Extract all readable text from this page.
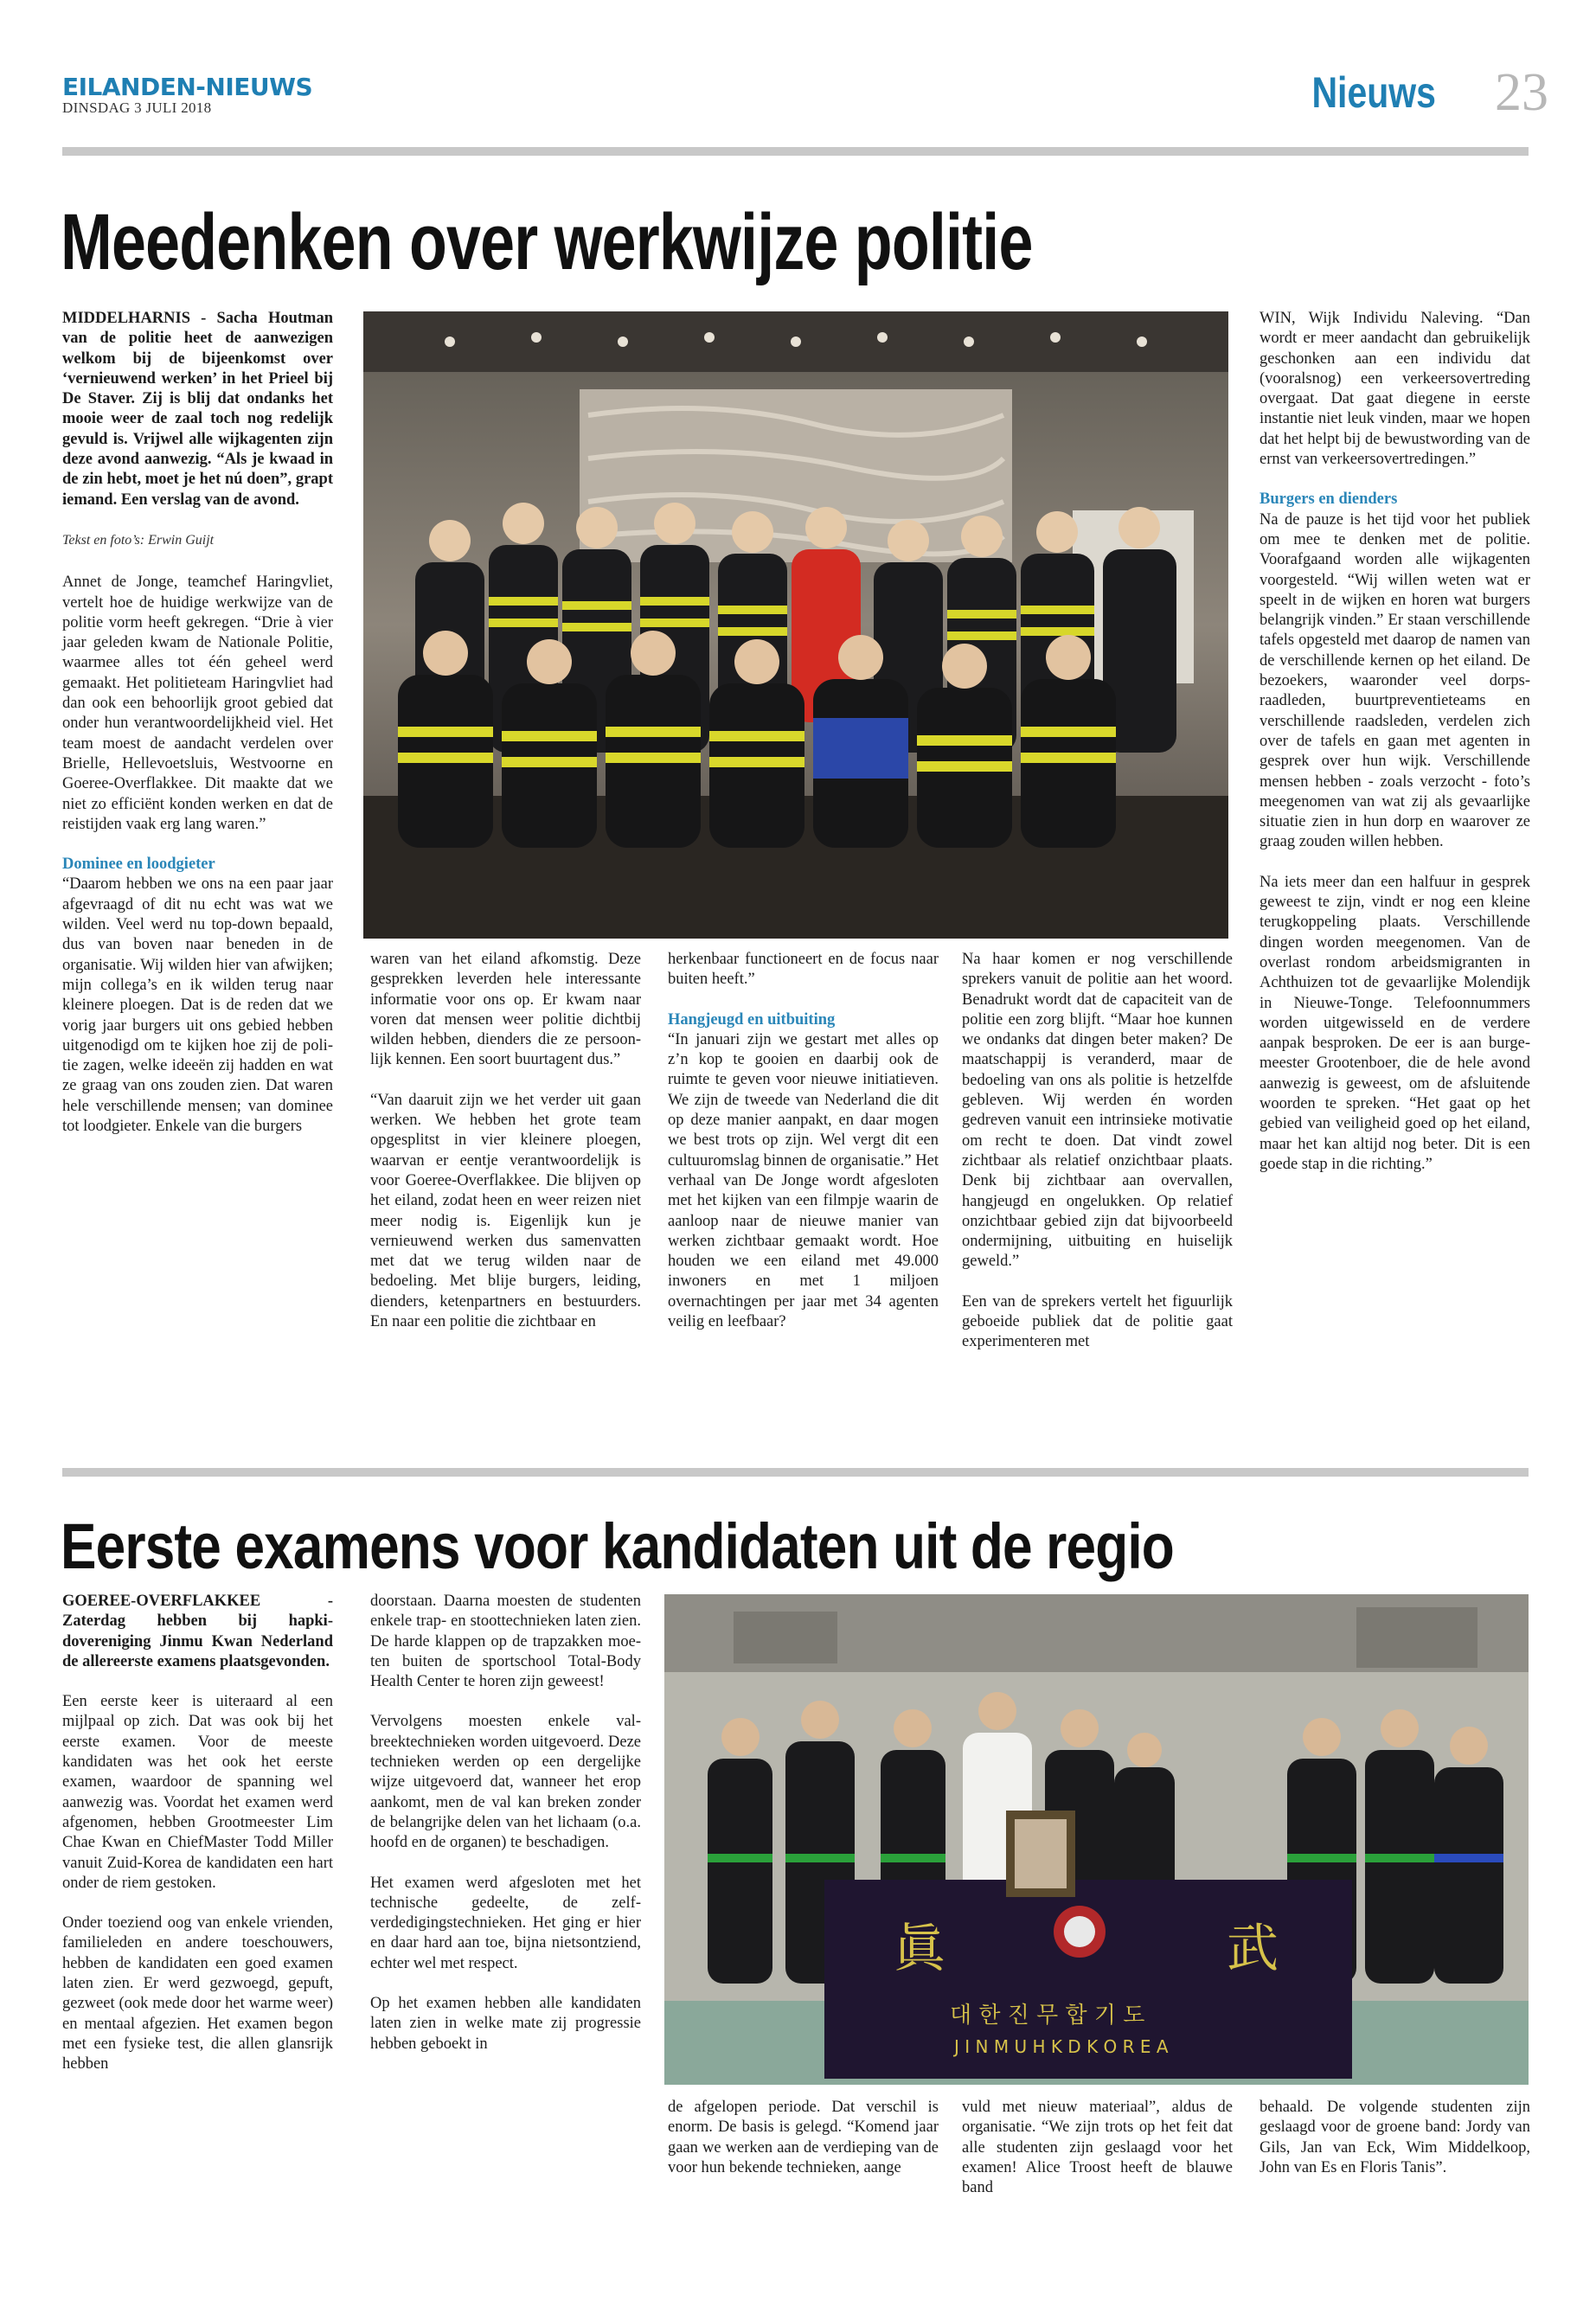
EILANDEN-NIEUWS
DINSDAG 3 JULI 2018	Nieuws	23
Meedenken over werkwijze politie

MIDDELHARNIS - Sacha Houtman van de politie heet de aanwezigen welkom bij de bijeenkomst over ‘vernieuwend werken’ in het Prieel bij De Staver. Zij is blij dat ondanks het mooie weer de zaal toch nog redelijk gevuld is. Vrijwel alle wijkagenten zijn deze avond aanwezig. “Als je kwaad in de zin hebt, moet je het nú doen”, grapt iemand. Een verslag van de avond.

Tekst en foto’s: Erwin Guijt

Annet de Jonge, teamchef Haringvliet, vertelt hoe de huidige werkwijze van de politie vorm heeft gekregen. “Drie à vier jaar geleden kwam de Nationale Politie, waarmee alles tot één geheel werd gemaakt. Het politieteam Haringvliet had dan ook een behoorlijk groot gebied dat onder hun verantwoordelijkheid viel. Het team moest de aandacht verdelen over Brielle, Hellevoetsluis, Westvoorne en Goeree-Overflakkee. Dit maakte dat we niet zo efficiënt konden werken en dat de reistijden vaak erg lang waren.”

Dominee en loodgieter

“Daarom hebben we ons na een paar jaar afgevraagd of dit nu echt was wat we wilden. Veel werd nu top-down bepaald, dus van boven naar beneden in de organisatie. Wij wilden hier van afwijken; mijn collega’s en ik wilden terug naar kleinere ploegen. Dat is de reden dat we vorig jaar burgers uit ons gebied hebben uitgenodigd om te kijken hoe zij de politie zagen, welke ideeën zij hadden en wat ze graag van ons zouden zien. Dat waren hele verschillende mensen; van dominee tot loodgieter. Enkele van die burgers

waren van het eiland afkomstig. Deze gesprekken leverden hele interessante informatie voor ons op. Er kwam naar voren dat mensen weer politie dichtbij wilden hebben, dienders die ze persoonlijk kennen. Een soort buurtagent dus.”

“Van daaruit zijn we het verder uit gaan werken. We hebben het grote team opgesplitst in vier kleinere ploegen, waarvan er eentje verantwoordelijk is voor Goeree-Overflakkee. Die blijven op het eiland, zodat heen en weer reizen niet meer nodig is. Eigenlijk kun je vernieuwend werken dus samenvatten met dat we terug wilden naar de bedoeling. Met blije burgers, leiding, dienders, ketenpartners en bestuurders. En naar een politie die zichtbaar en

herkenbaar functioneert en de focus naar buiten heeft.”

Hangjeugd en uitbuiting

“In januari zijn we gestart met alles op z’n kop te gooien en daarbij ook de ruimte te geven voor nieuwe initiatieven. We zijn de tweede van Nederland die dit op deze manier aanpakt, en daar mogen we best trots op zijn. Wel vergt dit een cultuuromslag binnen de organisatie.” Het verhaal van De Jonge wordt afgesloten met het kijken van een filmpje waarin de aanloop naar de nieuwe manier van werken zichtbaar gemaakt wordt. Hoe houden we een eiland met 49.000 inwoners en met 1 miljoen overnachtingen per jaar met 34 agenten veilig en leefbaar?

Na haar komen er nog verschillende sprekers vanuit de politie aan het woord. Benadrukt wordt dat de capaciteit van de politie een zorg blijft. “Maar hoe kunnen we ondanks dat dingen beter maken? De maatschappij is veranderd, maar de bedoeling van ons als politie is hetzelfde gebleven. Wij werden én worden gedreven vanuit een intrinsieke motivatie om recht te doen. Dat vindt zowel zichtbaar als relatief onzichtbaar plaats. Denk bij zichtbaar aan overvallen, hangjeugd en ongelukken. Op relatief onzichtbaar gebied zijn dat bijvoorbeeld ondermijning, uitbuiting en huiselijk geweld.”

Een van de sprekers vertelt het figuurlijk geboeide publiek dat de politie gaat experimenteren met

WIN, Wijk Individu Naleving. “Dan wordt er meer aandacht dan gebruikelijk geschonken aan een individu dat (vooralsnog) een verkeersovertreding overgaat. Dat gaat diegene in eerste instantie niet leuk vinden, maar we hopen dat het helpt bij de bewustwording van de ernst van verkeersovertredingen.”

Burgers en dienders

Na de pauze is het tijd voor het publiek om mee te denken met de politie. Voorafgaand worden alle wijkagenten voorgesteld. “Wij willen weten wat er speelt in de wijken en horen wat burgers belangrijk vinden.” Er staan verschillende tafels opgesteld met daarop de namen van de verschillende kernen op het eiland. De bezoekers, waaronder veel dorpsraadleden, buurtpreventieteams en verschillende raadsleden, verdelen zich over de tafels en gaan met agenten in gesprek over hun wijk. Verschillende mensen hebben - zoals verzocht - foto’s meegenomen van wat zij als gevaarlijke situatie zien in hun dorp en waarover ze graag zouden willen hebben.

Na iets meer dan een halfuur in gesprek geweest te zijn, vindt er nog een kleine terugkoppeling plaats. Verschillende dingen worden meegenomen. Van de overlast rondom arbeidsmigranten in Achthuizen tot de gevaarlijke Molendijk in Nieuwe-Tonge. Telefoonnummers worden uitgewisseld en de verdere aanpak besproken. De eer is aan burgemeester Grootenboer, die de hele avond aanwezig is geweest, om de afsluitende woorden te spreken. “Het gaat op het gebied van veiligheid goed op het eiland, maar het kan altijd nog beter. Dit is een goede stap in die richting.”

Eerste examens voor kandidaten uit de regio

GOEREE-OVERFLAKKEE - Zaterdag hebben bij hapkidovereniging Jinmu Kwan Nederland de allereerste examens plaatsgevonden.

Een eerste keer is uiteraard al een mijlpaal op zich. Dat was ook bij het eerste examen. Voor de meeste kandidaten was het ook het eerste examen, waardoor de spanning wel aanwezig was. Voordat het examen werd afgenomen, hebben Grootmeester Lim Chae Kwan en ChiefMaster Todd Miller vanuit Zuid-Korea de kandidaten een hart onder de riem gestoken.

Onder toeziend oog van enkele vrienden, familieleden en andere toeschouwers, hebben de kandidaten een goed examen laten zien. Er werd gezwoegd, gepuft, gezweet (ook mede door het warme weer) en mentaal afgezien. Het examen begon met een fysieke test, die allen glansrijk hebben

doorstaan. Daarna moesten de studenten enkele trap- en stoottechnieken laten zien. De harde klappen op de trapzakken moeten buiten de sportschool Total-Body Health Center te horen zijn geweest!

Vervolgens moesten enkele valbreektechnieken worden uitgevoerd. Deze technieken werden op een dergelijke wijze uitgevoerd dat, wanneer het erop aankomt, men de val kan breken zonder de belangrijke delen van het lichaam (o.a. hoofd en de organen) te beschadigen.

Het examen werd afgesloten met het technische gedeelte, de zelfverdedigingstechnieken. Het ging er hier en daar hard aan toe, bijna nietsontziend, echter wel met respect.

Op het examen hebben alle kandidaten laten zien in welke mate zij progressie hebben geboekt in

眞	武
대 한 진 무 합 기 도
J I N M U H K D K O R E A

de afgelopen periode. Dat verschil is enorm. De basis is gelegd. “Komend jaar gaan we werken aan de verdieping van de voor hun bekende technieken, aange

vuld met nieuw materiaal”, aldus de organisatie. “We zijn trots op het feit dat alle studenten zijn geslaagd voor het examen! Alice Troost heeft de blauwe band

behaald. De volgende studenten zijn geslaagd voor de groene band: Jordy van Gils, Jan van Eck, Wim Middelkoop, John van Es en Floris Tanis”.
